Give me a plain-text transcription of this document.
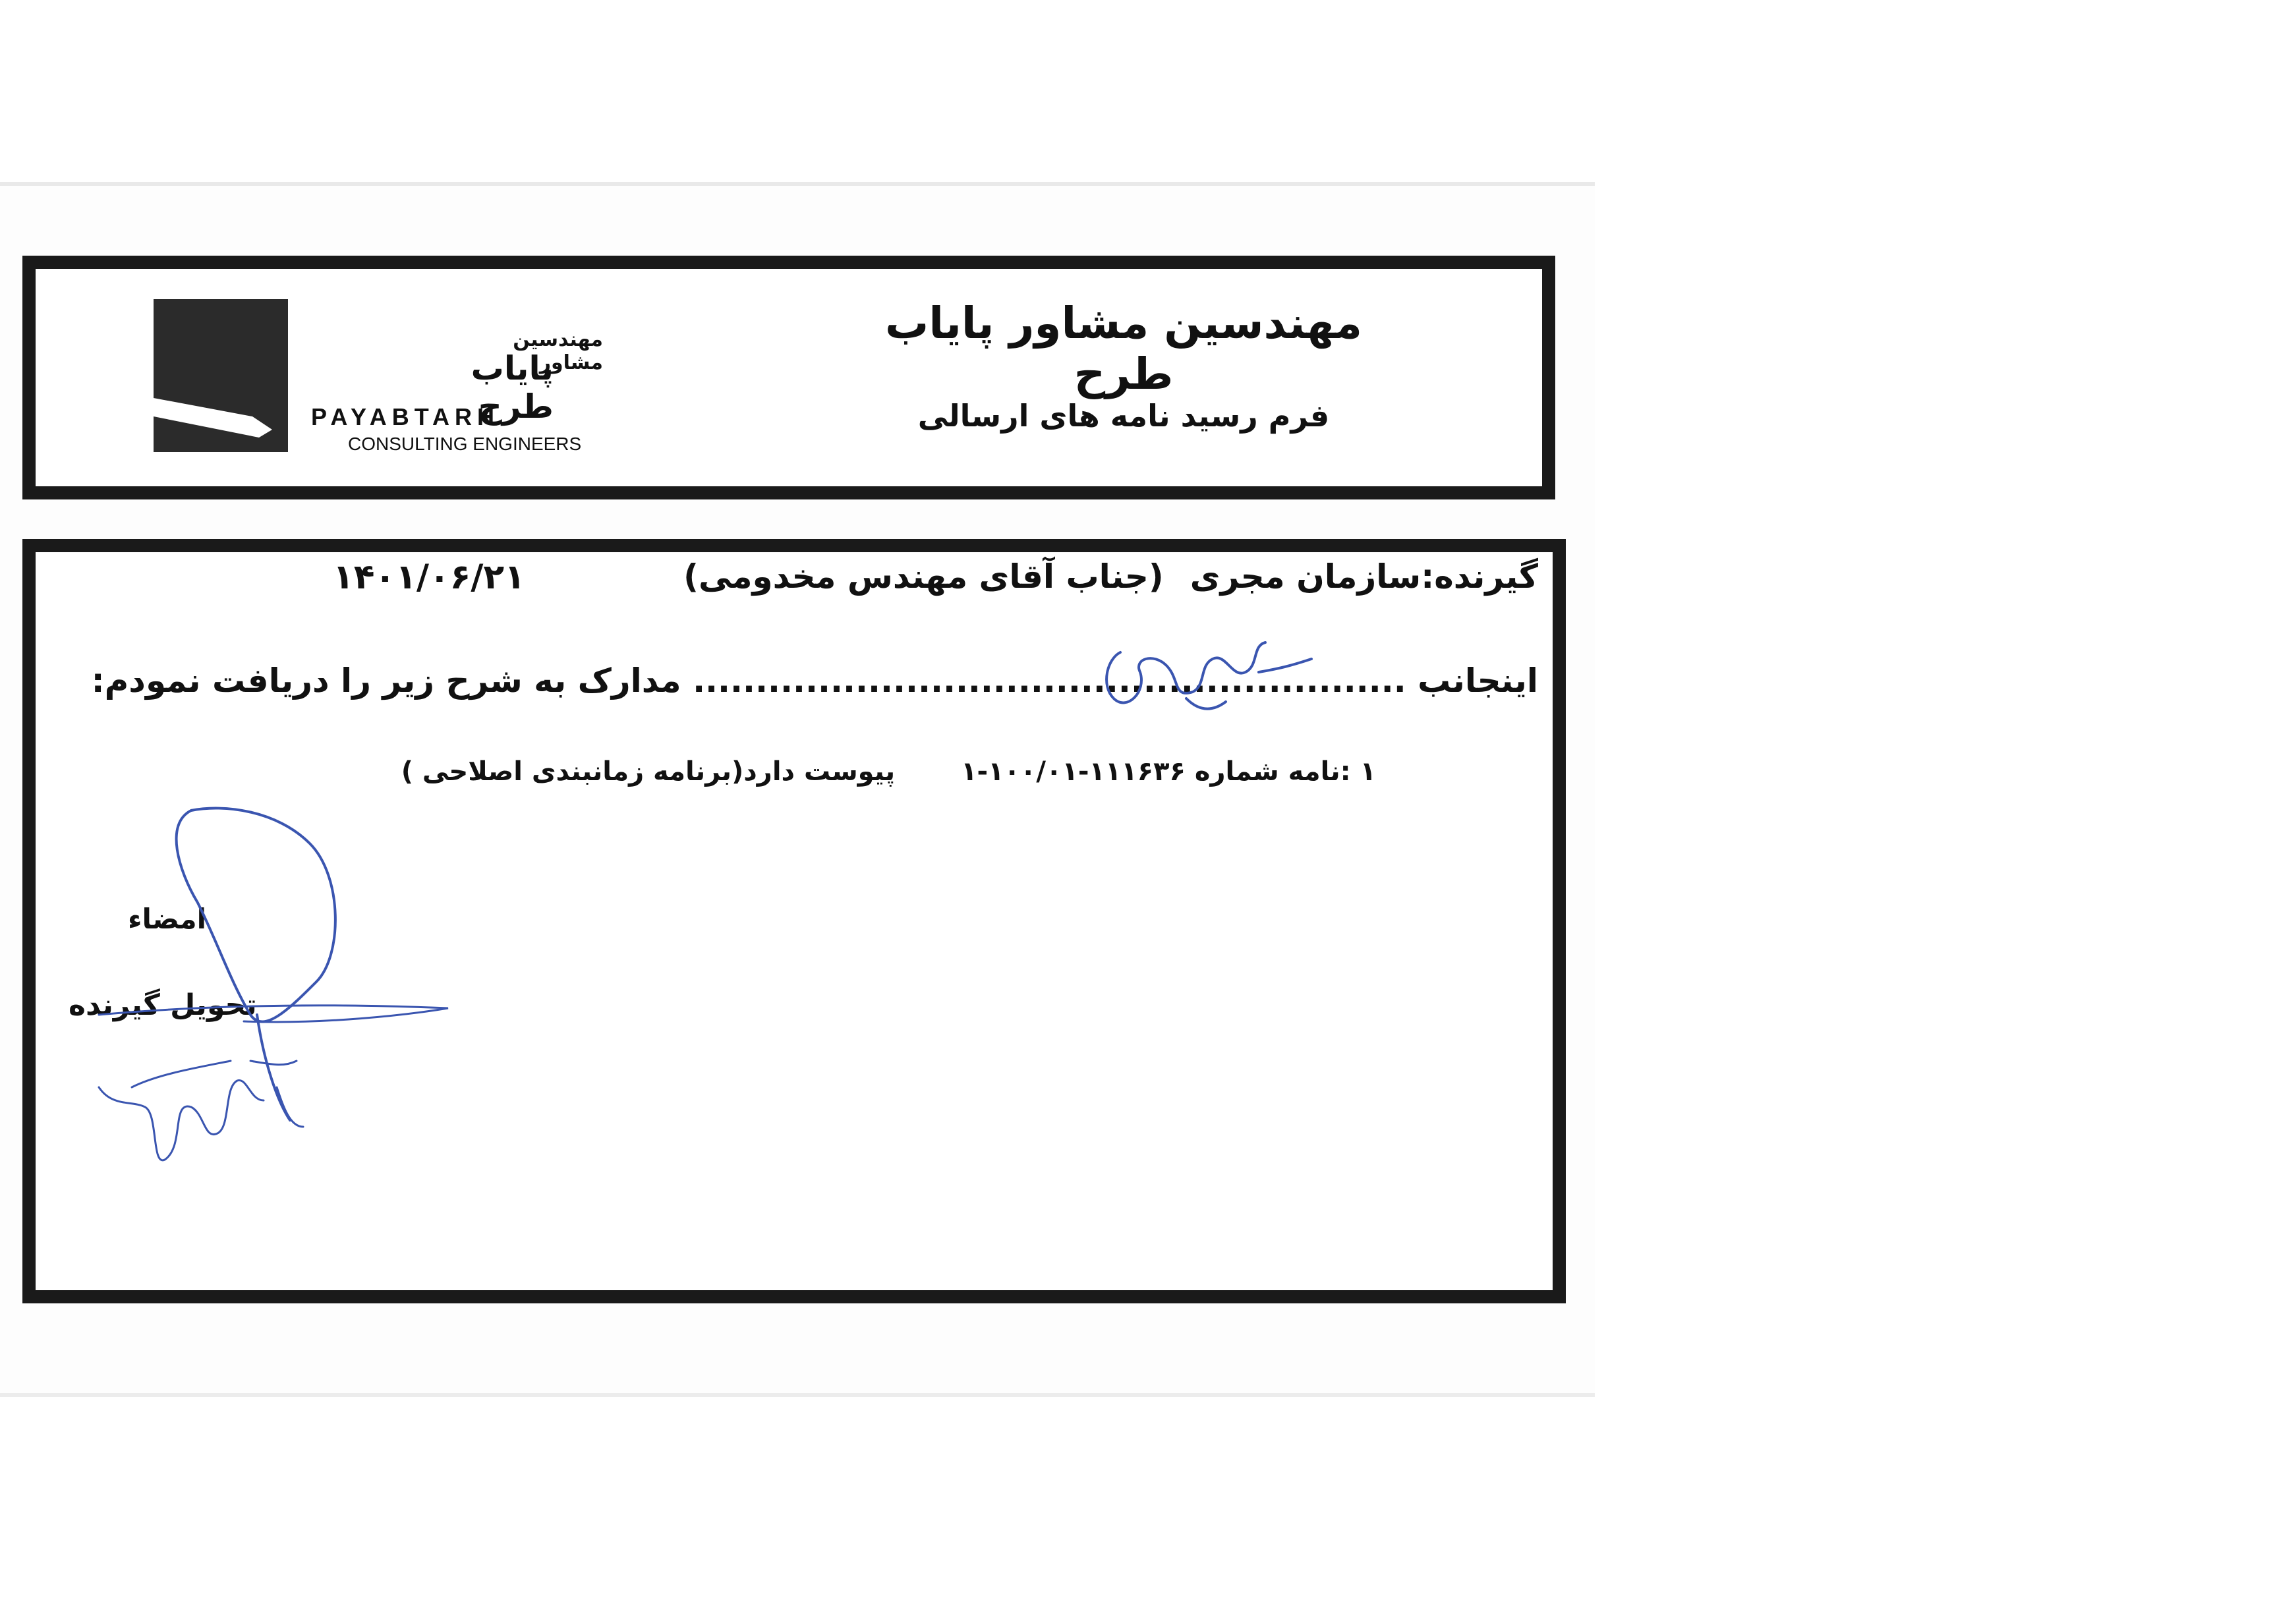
مهندسین مشاور
پایاب طرح
PAYABTARH
CONSULTING ENGINEERS
مهندسین مشاور پایاب طرح
فرم رسید نامه های ارسالی
گیرنده:سازمان مجری(جناب آقای مهندس مخدومی)
۱۴۰۱/۰۶/۲۱
اینجانب ......................................................... مدارک به شرح زیر را دریافت نمودم:
۱ :نامه شماره ۱۱۱۶۳۶-۱۰۰/۰۱-۱پیوست دارد(برنامه زمانبندی اصلاحی )
امضاء
تحویل گیرنده
